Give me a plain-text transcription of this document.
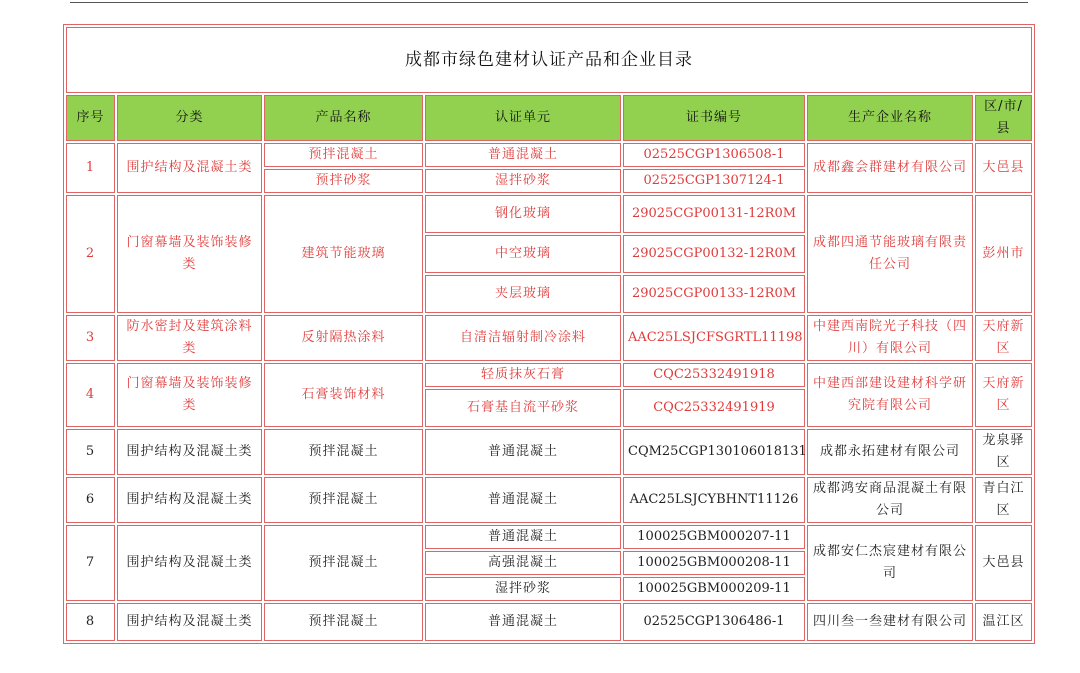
成都市绿色建材认证产品和企业目录						
序号	分类	产品名称	认证单元	证书编号	生产企业名称	区/市/县
1	围护结构及混凝土类	预拌混凝土	普通混凝土	02525CGP1306508-1	成都鑫会群建材有限公司	大邑县
		预拌砂浆	湿拌砂浆	02525CGP1307124-1		
2	门窗幕墙及装饰装修类	建筑节能玻璃	钢化玻璃	29025CGP00131-12R0M	成都四通节能玻璃有限责任公司	彭州市
			中空玻璃	29025CGP00132-12R0M		
			夹层玻璃	29025CGP00133-12R0M		
3	防水密封及建筑涂料类	反射隔热涂料	自清洁辐射制冷涂料	AAC25LSJCFSGRTL11198	中建西南院光子科技（四川）有限公司	天府新区
4	门窗幕墙及装饰装修类	石膏装饰材料	轻质抹灰石膏	CQC25332491918	中建西部建设建材科学研究院有限公司	天府新区
			石膏基自流平砂浆	CQC25332491919		
5	围护结构及混凝土类	预拌混凝土	普通混凝土	CQM25CGP130106018131	成都永拓建材有限公司	龙泉驿区
6	围护结构及混凝土类	预拌混凝土	普通混凝土	AAC25LSJCYBHNT11126	成都鸿安商品混凝土有限公司	青白江区
7	围护结构及混凝土类	预拌混凝土	普通混凝土	100025GBM000207-11	成都安仁杰宸建材有限公司	大邑县
			高强混凝土	100025GBM000208-11		
			湿拌砂浆	100025GBM000209-11		
8	围护结构及混凝土类	预拌混凝土	普通混凝土	02525CGP1306486-1	四川叁一叁建材有限公司	温江区
